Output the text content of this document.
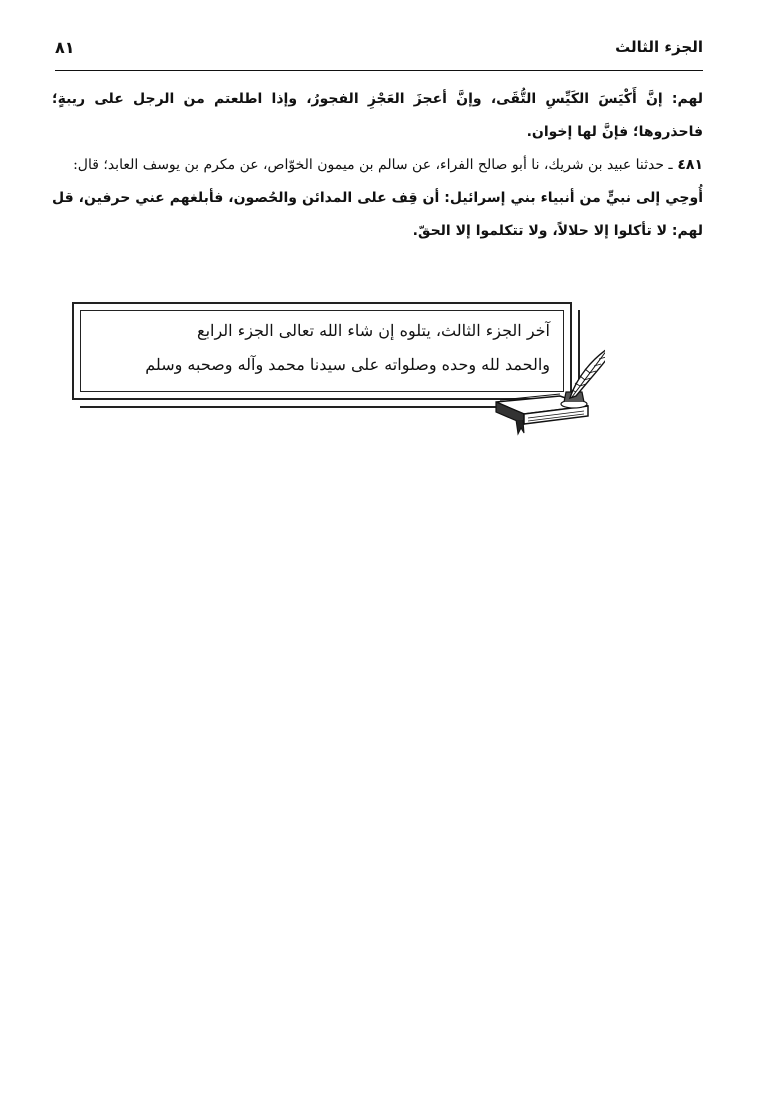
الجزء الثالث
٨١

لهم: إنَّ أَكْيَسَ الكَيِّسِ التُّقَى، وإنَّ أعجزَ العَجْزِ الفجورُ، وإذا اطلعتم من الرجل على ريبةٍ؛ فاحذروها؛ فإنَّ لها إخوان.

٤٨١ ـ حدثنا عبيد بن شريك، نا أبو صالح الفراء، عن سالم بن ميمون الخوّاص، عن مكرم بن يوسف العابد؛ قال:

أُوحِي إلى نبيٍّ من أنبياء بني إسرائيل: أن قِف على المدائن والحُصون، فأبلغهم عني حرفين، قل لهم: لا تأكلوا إلا حلالاً، ولا تتكلموا إلا الحقّ.

آخر الجزء الثالث، يتلوه إن شاء الله تعالى الجزء الرابع
والحمد لله وحده وصلواته على سيدنا محمد وآله وصحبه وسلم
